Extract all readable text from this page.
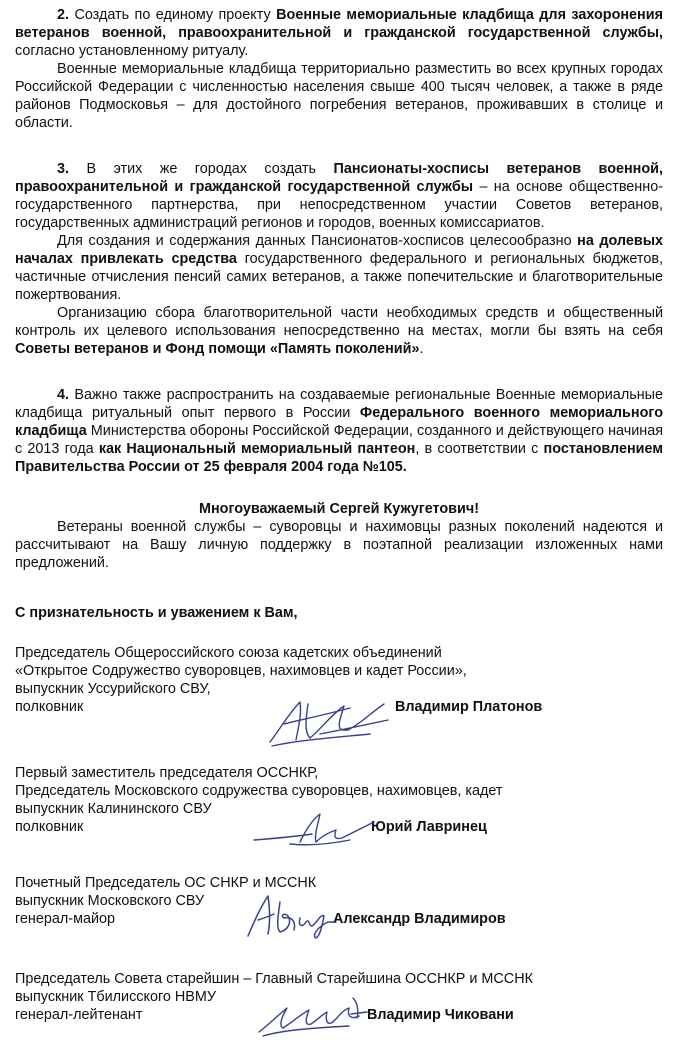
2. Создать по единому проекту Военные мемориальные кладбища для захоронения ветеранов военной, правоохранительной и гражданской государственной службы, согласно установленному ритуалу.

Военные мемориальные кладбища территориально разместить во всех крупных городах Российской Федерации с численностью населения свыше 400 тысяч человек, а также в ряде районов Подмосковья – для достойного погребения ветеранов, проживавших в столице и области.

3. В этих же городах создать Пансионаты-хосписы ветеранов военной, правоохранительной и гражданской государственной службы – на основе общественно-государственного партнерства, при непосредственном участии Советов ветеранов, государственных администраций регионов и городов, военных комиссариатов.

Для создания и содержания данных Пансионатов-хосписов целесообразно на долевых началах привлекать средства государственного федерального и региональных бюджетов, частичные отчисления пенсий самих ветеранов, а также попечительские и благотворительные пожертвования.

Организацию сбора благотворительной части необходимых средств и общественный контроль их целевого использования непосредственно на местах, могли бы взять на себя Советы ветеранов и Фонд помощи «Память поколений».

4. Важно также распространить на создаваемые региональные Военные мемориальные кладбища ритуальный опыт первого в России Федерального военного мемориального кладбища Министерства обороны Российской Федерации, созданного и действующего начиная с 2013 года как Национальный мемориальный пантеон, в соответствии с постановлением Правительства России от 25 февраля 2004 года №105.

Многоуважаемый Сергей Кужугетович!

Ветераны военной службы – суворовцы и нахимовцы разных поколений надеются и рассчитывают на Вашу личную поддержку в поэтапной реализации изложенных нами предложений.

С признательность и уважением к Вам,

Председатель Общероссийского союза кадетских объединений
«Открытое Содружество суворовцев, нахимовцев и кадет России»,
выпускник Уссурийского СВУ,
полковник	Владимир Платонов
Первый заместитель председателя ОССНКР,
Председатель Московского содружества суворовцев, нахимовцев, кадет
выпускник Калининского СВУ
полковник	Юрий Лавринец
Почетный Председатель ОС СНКР и МССНК
выпускник Московского СВУ
генерал-майор	Александр Владимиров
Председатель Совета старейшин – Главный Старейшина ОССНКР и МССНК
выпускник Тбилисского НВМУ
генерал-лейтенант	Владимир Чиковани
